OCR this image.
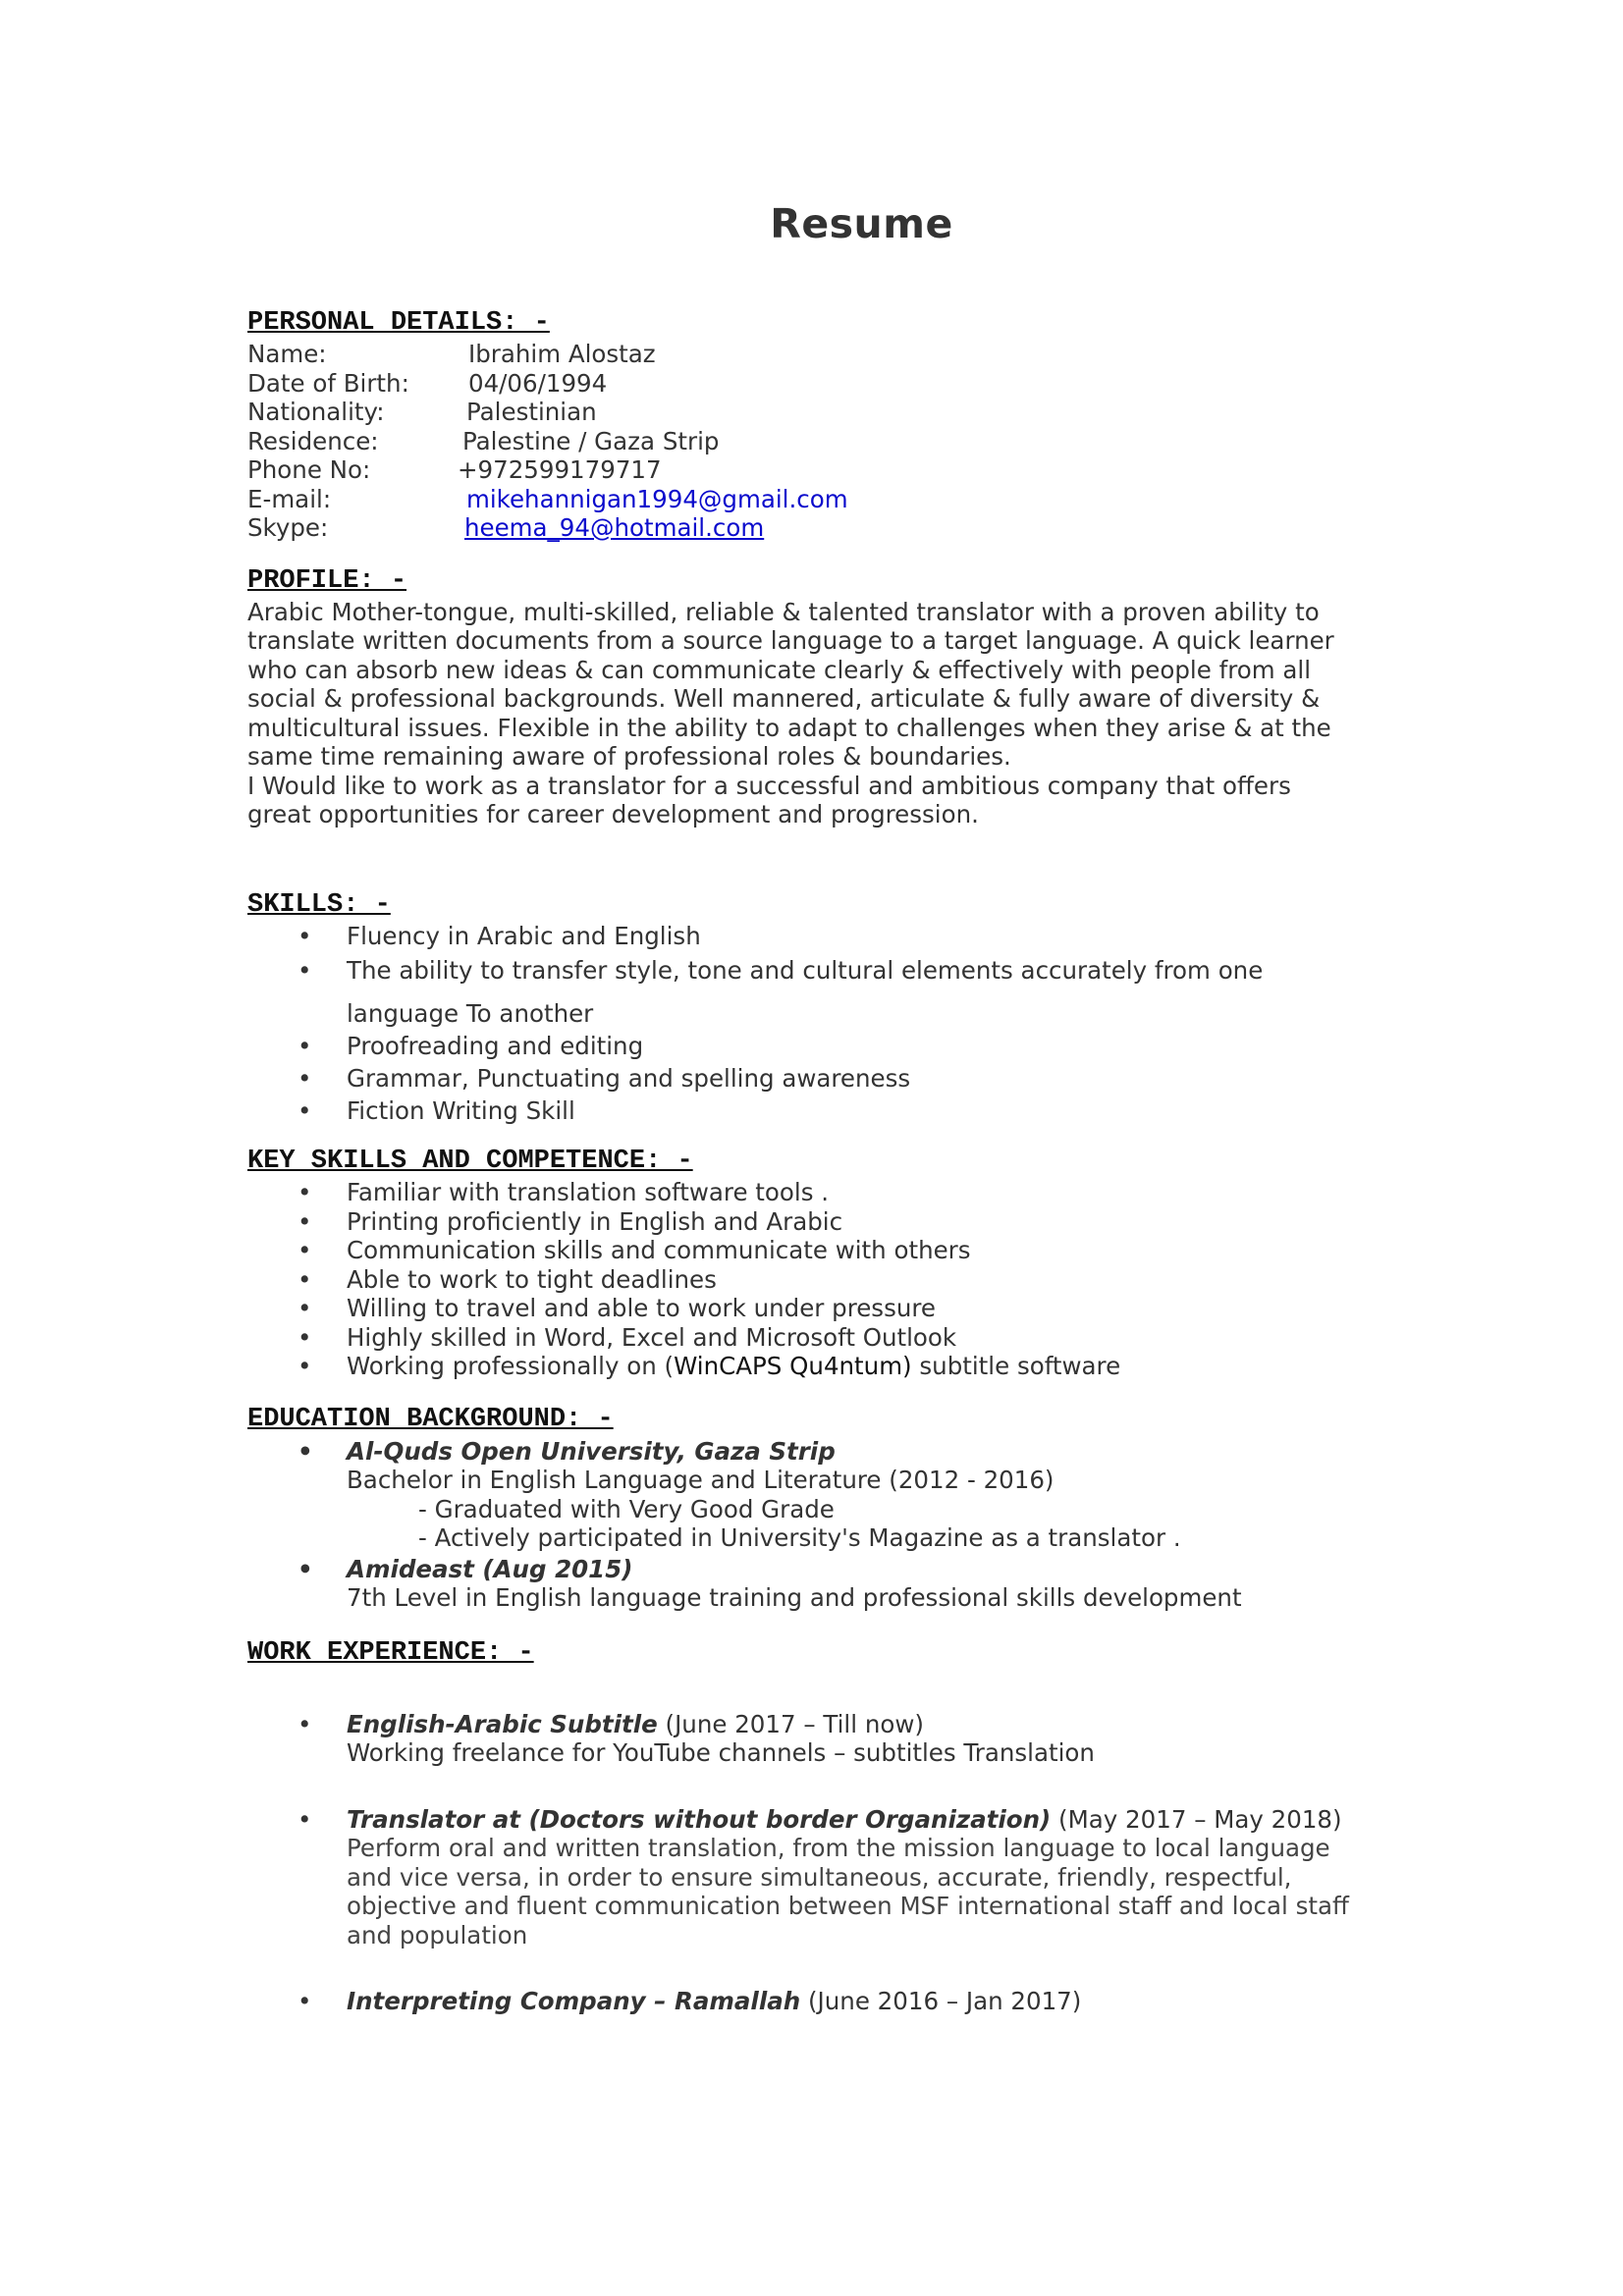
Resume
PERSONAL DETAILS: -
Name:	Ibrahim Alostaz
Date of Birth:	04/06/1994
Nationality:	Palestinian
Residence:	Palestine / Gaza Strip
Phone No:	+972599179717
E-mail:	mikehannigan1994@gmail.com
Skype:	heema_94@hotmail.com
PROFILE: -
Arabic Mother-tongue, multi-skilled, reliable & talented translator with a proven ability to
translate written documents from a source language to a target language. A quick learner
who can absorb new ideas & can communicate clearly & effectively with people from all
social & professional backgrounds. Well mannered, articulate & fully aware of diversity &
multicultural issues. Flexible in the ability to adapt to challenges when they arise & at the
same time remaining aware of professional roles & boundaries.
I Would like to work as a translator for a successful and ambitious company that offers
great opportunities for career development and progression.
SKILLS: -
• Fluency in Arabic and English
• The ability to transfer style, tone and cultural elements accurately from one
language To another
• Proofreading and editing
• Grammar, Punctuating and spelling awareness
• Fiction Writing Skill
KEY SKILLS AND COMPETENCE: -
• Familiar with translation software tools .
• Printing proficiently in English and Arabic
• Communication skills and communicate with others
• Able to work to tight deadlines
• Willing to travel and able to work under pressure
• Highly skilled in Word, Excel and Microsoft Outlook
• Working professionally on (WinCAPS Qu4ntum) subtitle software
EDUCATION BACKGROUND: -
• Al-Quds Open University, Gaza Strip
Bachelor in English Language and Literature (2012 - 2016)
- Graduated with Very Good Grade
- Actively participated in University's Magazine as a translator .
• Amideast (Aug 2015)
7th Level in English language training and professional skills development
WORK EXPERIENCE: -
• English-Arabic Subtitle (June 2017 – Till now)
Working freelance for YouTube channels – subtitles Translation
• Translator at (Doctors without border Organization) (May 2017 – May 2018)
Perform oral and written translation, from the mission language to local language
and vice versa, in order to ensure simultaneous, accurate, friendly, respectful,
objective and fluent communication between MSF international staff and local staff
and population
• Interpreting Company – Ramallah (June 2016 – Jan 2017)
